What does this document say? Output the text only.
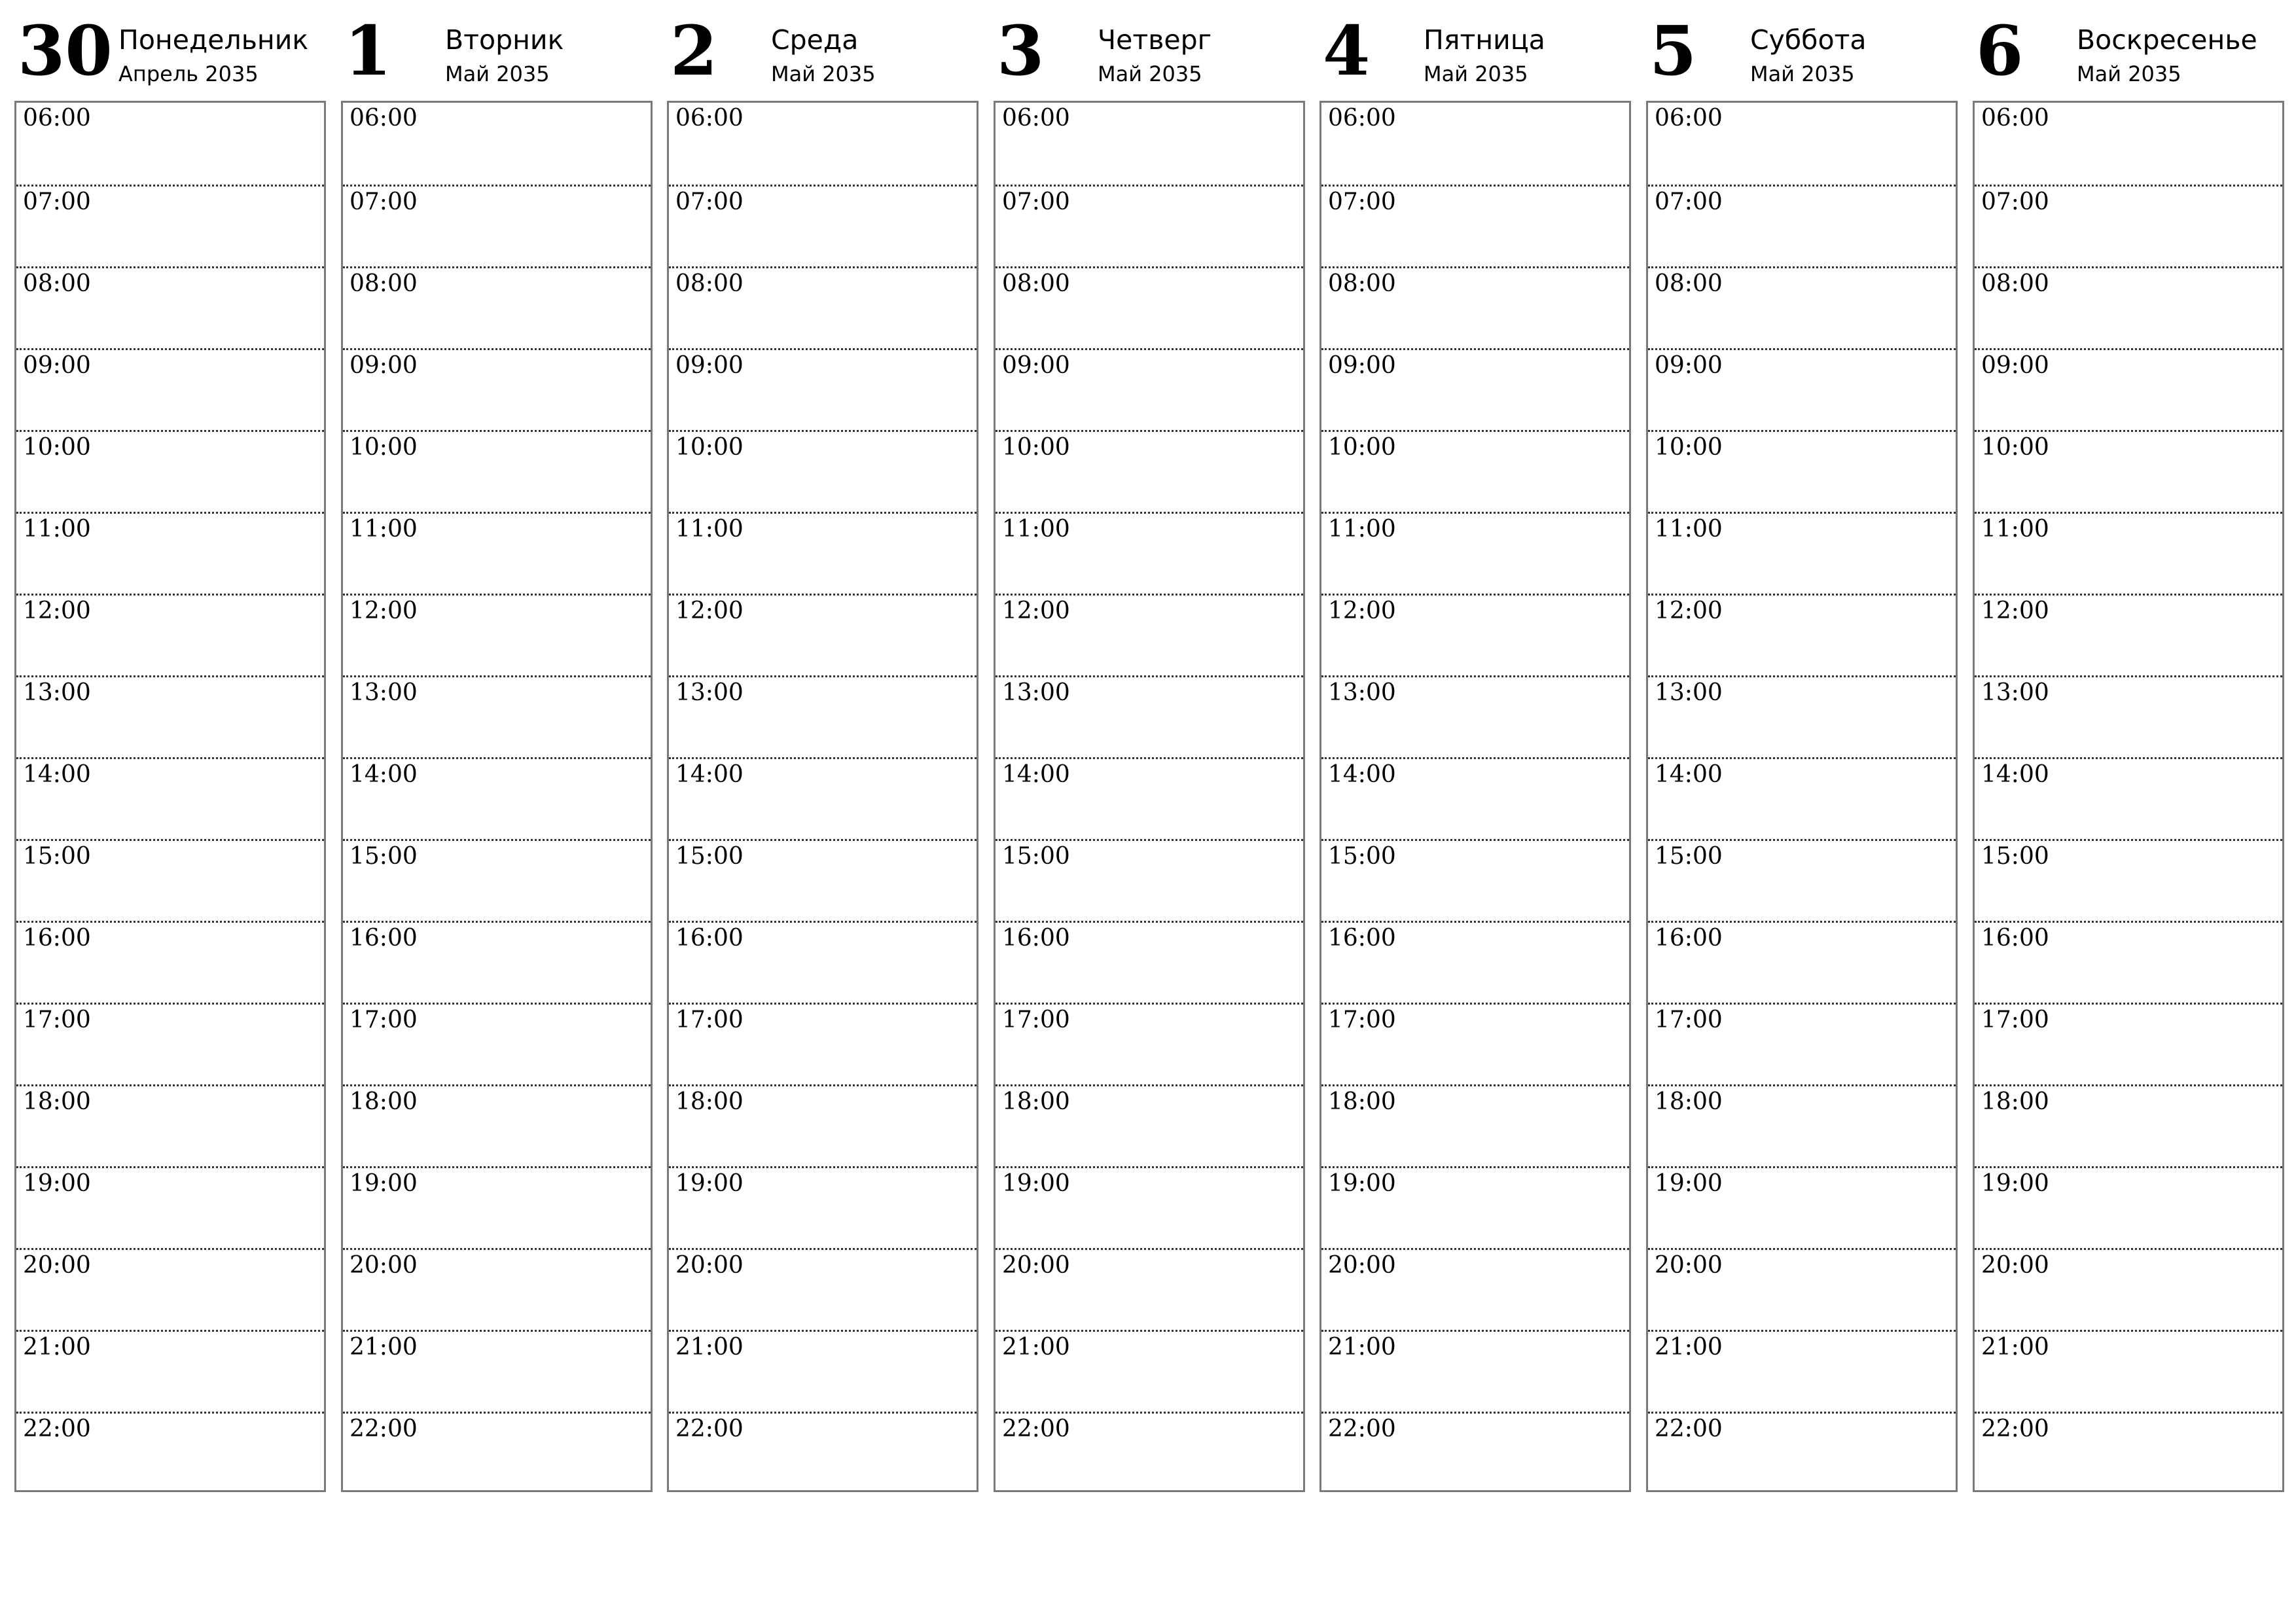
30 Понедельник
Апрель 2035
06:00
07:00
08:00
09:00
10:00
11:00
12:00
13:00
14:00
15:00
16:00
17:00
18:00
19:00
20:00
21:00
22:00
1 Вторник
Май 2035
06:00
07:00
08:00
09:00
10:00
11:00
12:00
13:00
14:00
15:00
16:00
17:00
18:00
19:00
20:00
21:00
22:00
2 Среда
Май 2035
06:00
07:00
08:00
09:00
10:00
11:00
12:00
13:00
14:00
15:00
16:00
17:00
18:00
19:00
20:00
21:00
22:00
3 Четверг
Май 2035
06:00
07:00
08:00
09:00
10:00
11:00
12:00
13:00
14:00
15:00
16:00
17:00
18:00
19:00
20:00
21:00
22:00
4 Пятница
Май 2035
06:00
07:00
08:00
09:00
10:00
11:00
12:00
13:00
14:00
15:00
16:00
17:00
18:00
19:00
20:00
21:00
22:00
5 Суббота
Май 2035
06:00
07:00
08:00
09:00
10:00
11:00
12:00
13:00
14:00
15:00
16:00
17:00
18:00
19:00
20:00
21:00
22:00
6 Воскресенье
Май 2035
06:00
07:00
08:00
09:00
10:00
11:00
12:00
13:00
14:00
15:00
16:00
17:00
18:00
19:00
20:00
21:00
22:00
